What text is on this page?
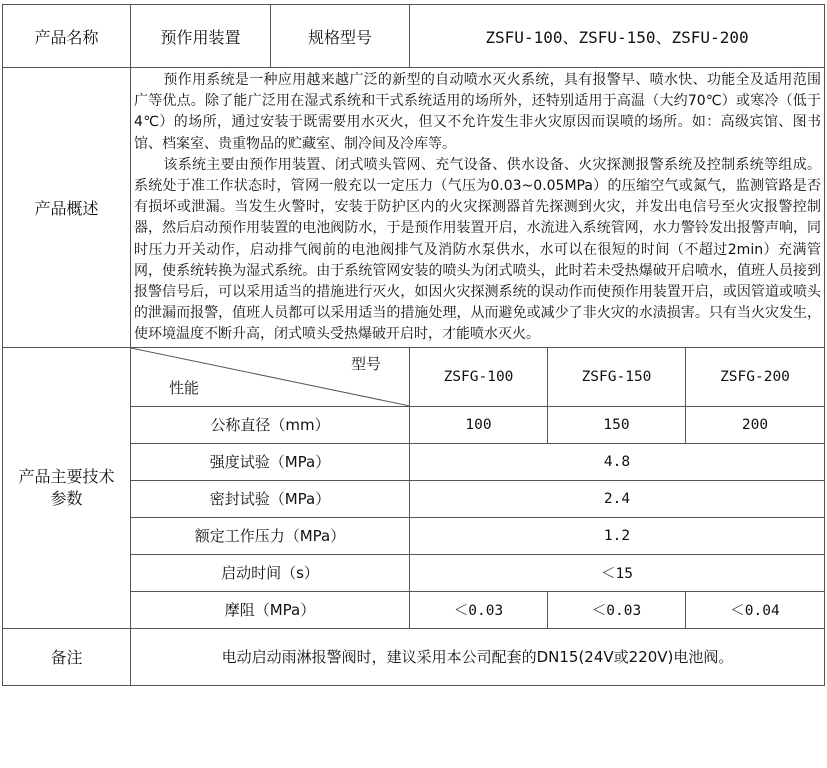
产品名称	预作用装置	规格型号	ZSFU-100、ZSFU-150、ZSFU-200		
产品概述	预作用系统是一种应用越来越广泛的新型的自动喷水灭火系统，具有报警早、喷水快、功能全及适用范围广等优点。除了能广泛用在湿式系统和干式系统适用的场所外，还特别适用于高温（大约70℃）或寒冷（低于4℃）的场所，通过安装于既需要用水灭火，但又不允许发生非火灾原因而误喷的场所。如：高级宾馆、图书馆、档案室、贵重物品的贮藏室、制冷间及冷库等。

该系统主要由预作用装置、闭式喷头管网、充气设备、供水设备、火灾探测报警系统及控制系统等组成。系统处于准工作状态时，管网一般充以一定压力（气压为0.03~0.05MPa）的压缩空气或氮气，监测管路是否有损坏或泄漏。当发生火警时，安装于防护区内的火灾探测器首先探测到火灾，并发出电信号至火灾报警控制器，然后启动预作用装置的电池阀防水，于是预作用装置开启，水流进入系统管网，水力警铃发出报警声响，同时压力开关动作，启动排气阀前的电池阀排气及消防水泵供水，水可以在很短的时间（不超过2min）充满管网，使系统转换为湿式系统。由于系统管网安装的喷头为闭式喷头，此时若未受热爆破开启喷水，值班人员接到报警信号后，可以采用适当的措施进行灭火，如因火灾探测系统的误动作而使预作用装置开启，或因管道或喷头的泄漏而报警，值班人员都可以采用适当的措施处理，从而避免或减少了非火灾的水渍损害。只有当火灾发生，使环境温度不断升高，闭式喷头受热爆破开启时，才能喷水灭火。				

产品主要技术参数	型号
性能		ZSFG-100	ZSFG-150	ZSFG-200
	公称直径（mm）		100	150	200
	强度试验（MPa）		4.8		
	密封试验（MPa）		2.4		
	额定工作压力（MPa）		1.2		
	启动时间（s）		＜15		
	摩阻（MPa）		＜0.03	＜0.03	＜0.04
备注	电动启动雨淋报警阀时，建议采用本公司配套的DN15(24V或220V)电池阀。				
